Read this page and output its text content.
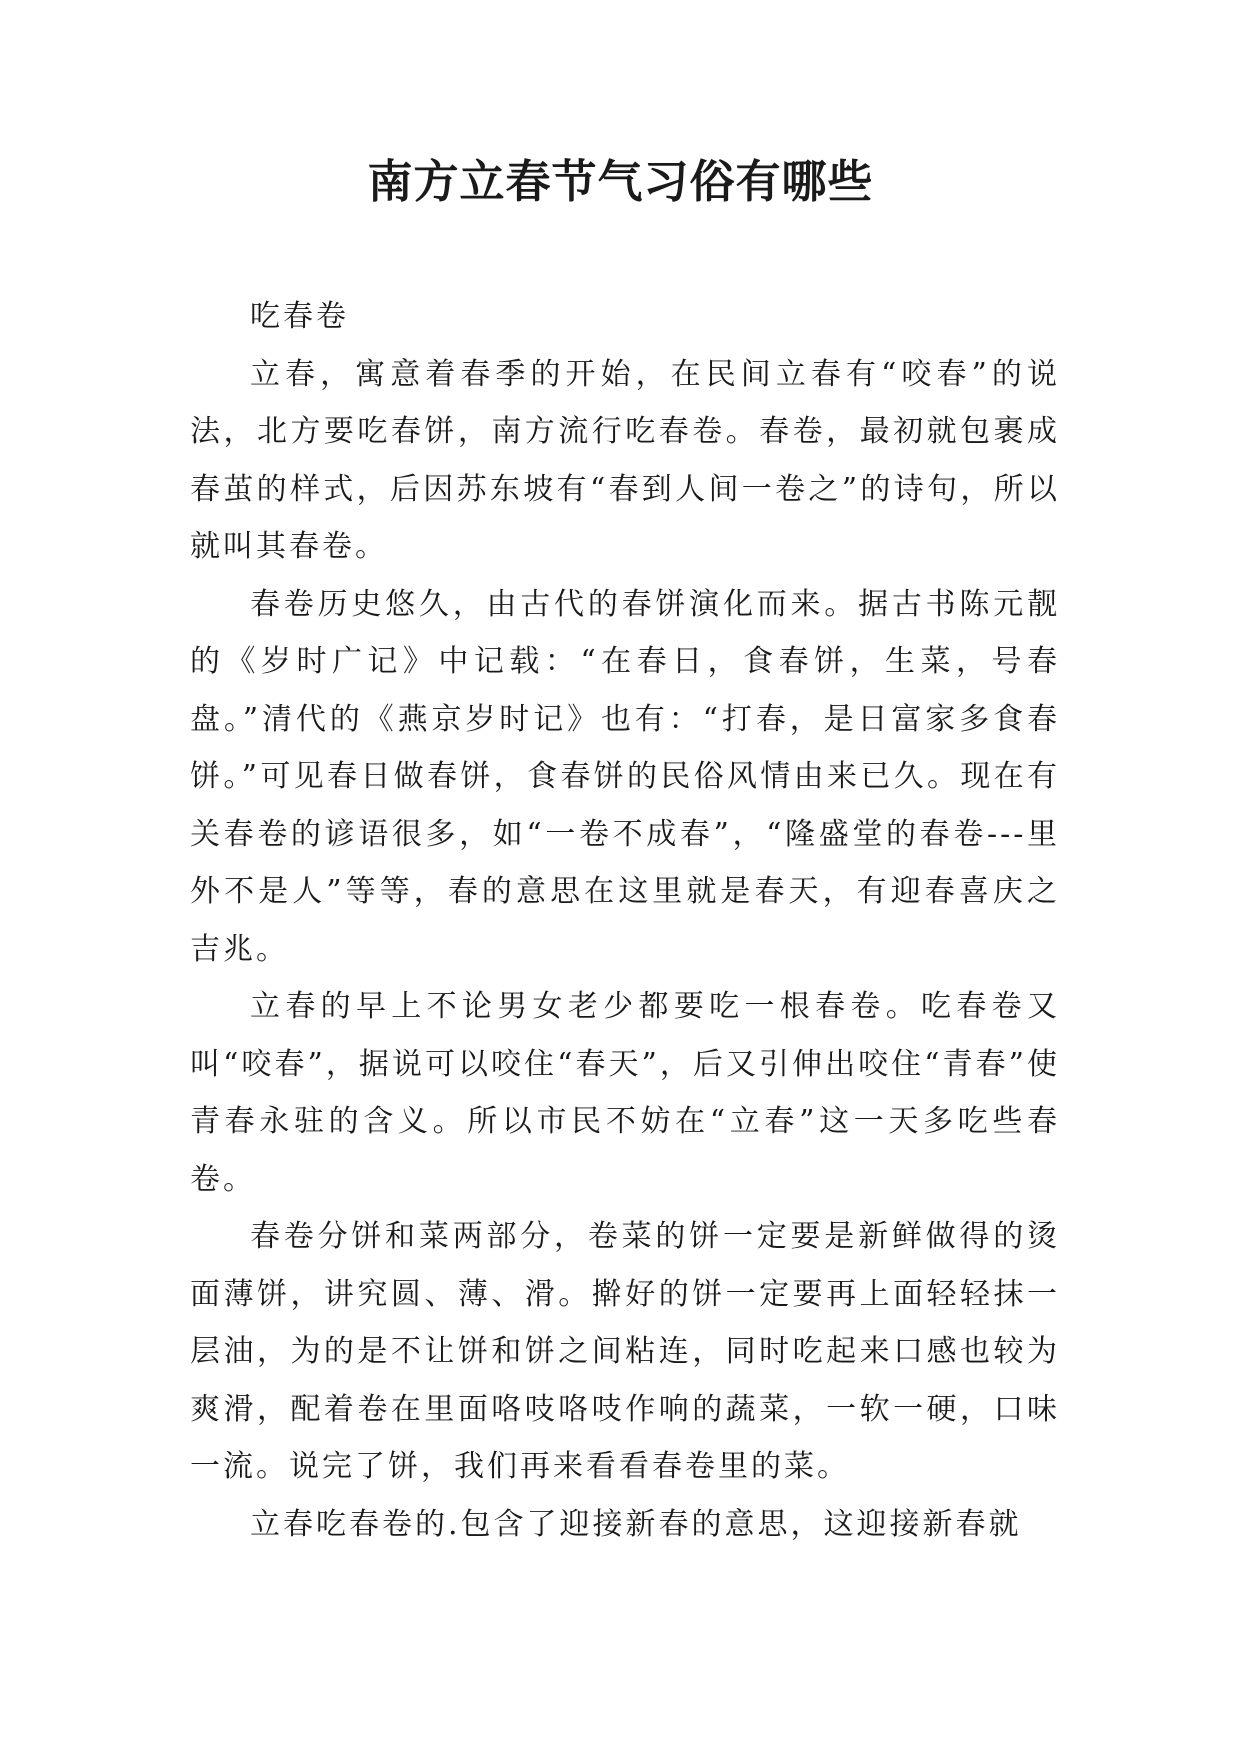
南方立春节气习俗有哪些

吃春卷

立春，寓意着春季的开始，在民间立春有“咬春”的说法，北方要吃春饼，南方流行吃春卷。春卷，最初就包裹成春茧的样式，后因苏东坡有“春到人间一卷之”的诗句，所以就叫其春卷。

春卷历史悠久，由古代的春饼演化而来。据古书陈元靓的《岁时广记》中记载：“在春日，食春饼，生菜，号春盘。”清代的《燕京岁时记》也有：“打春，是日富家多食春饼。”可见春日做春饼，食春饼的民俗风情由来已久。现在有关春卷的谚语很多，如“一卷不成春”，“隆盛堂的春卷---里外不是人”等等，春的意思在这里就是春天，有迎春喜庆之吉兆。

立春的早上不论男女老少都要吃一根春卷。吃春卷又叫“咬春”，据说可以咬住“春天”，后又引伸出咬住“青春”使青春永驻的含义。所以市民不妨在“立春”这一天多吃些春卷。

春卷分饼和菜两部分，卷菜的饼一定要是新鲜做得的烫面薄饼，讲究圆、薄、滑。擀好的饼一定要再上面轻轻抹一层油，为的是不让饼和饼之间粘连，同时吃起来口感也较为爽滑，配着卷在里面咯吱咯吱作响的蔬菜，一软一硬，口味一流。说完了饼，我们再来看看春卷里的菜。

立春吃春卷的.包含了迎接新春的意思，这迎接新春就
